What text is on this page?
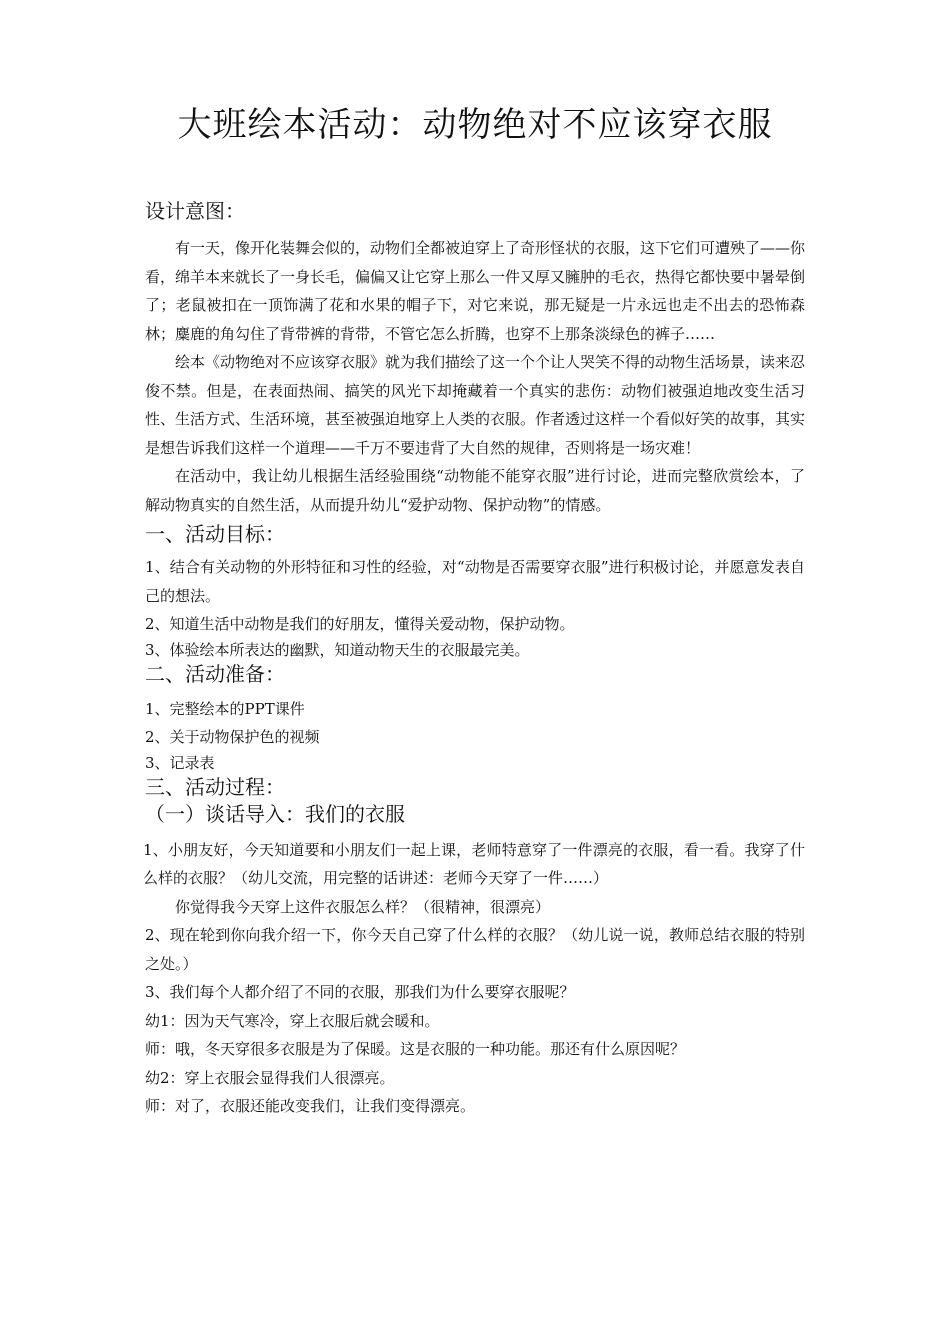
大班绘本活动：动物绝对不应该穿衣服
设计意图：

有一天，像开化装舞会似的，动物们全都被迫穿上了奇形怪状的衣服，这下它们可遭殃了——你看，绵羊本来就长了一身长毛，偏偏又让它穿上那么一件又厚又臃肿的毛衣，热得它都快要中暑晕倒了；老鼠被扣在一顶饰满了花和水果的帽子下，对它来说，那无疑是一片永远也走不出去的恐怖森林；麋鹿的角勾住了背带裤的背带，不管它怎么折腾，也穿不上那条淡绿色的裤子……

绘本《动物绝对不应该穿衣服》就为我们描绘了这一个个让人哭笑不得的动物生活场景，读来忍俊不禁。但是，在表面热闹、搞笑的风光下却掩藏着一个真实的悲伤：动物们被强迫地改变生活习性、生活方式、生活环境，甚至被强迫地穿上人类的衣服。作者透过这样一个看似好笑的故事，其实是想告诉我们这样一个道理——千万不要违背了大自然的规律，否则将是一场灾难！

在活动中，我让幼儿根据生活经验围绕“动物能不能穿衣服”进行讨论，进而完整欣赏绘本，了解动物真实的自然生活，从而提升幼儿“爱护动物、保护动物”的情感。

一、活动目标：

1、结合有关动物的外形特征和习性的经验，对“动物是否需要穿衣服”进行积极讨论，并愿意发表自己的想法。

2、知道生活中动物是我们的好朋友，懂得关爱动物，保护动物。

3、体验绘本所表达的幽默，知道动物天生的衣服最完美。

二、活动准备：

1、完整绘本的PPT课件

2、关于动物保护色的视频

3、记录表

三、活动过程：
（一）谈话导入：我们的衣服

1、小朋友好，今天知道要和小朋友们一起上课，老师特意穿了一件漂亮的衣服，看一看。我穿了什么样的衣服？（幼儿交流，用完整的话讲述：老师今天穿了一件……）

你觉得我今天穿上这件衣服怎么样？（很精神，很漂亮）

2、现在轮到你向我介绍一下，你今天自己穿了什么样的衣服？（幼儿说一说，教师总结衣服的特别之处。）

3、我们每个人都介绍了不同的衣服，那我们为什么要穿衣服呢？

幼1：因为天气寒冷，穿上衣服后就会暖和。

师：哦，冬天穿很多衣服是为了保暖。这是衣服的一种功能。那还有什么原因呢？

幼2：穿上衣服会显得我们人很漂亮。

师：对了，衣服还能改变我们，让我们变得漂亮。
